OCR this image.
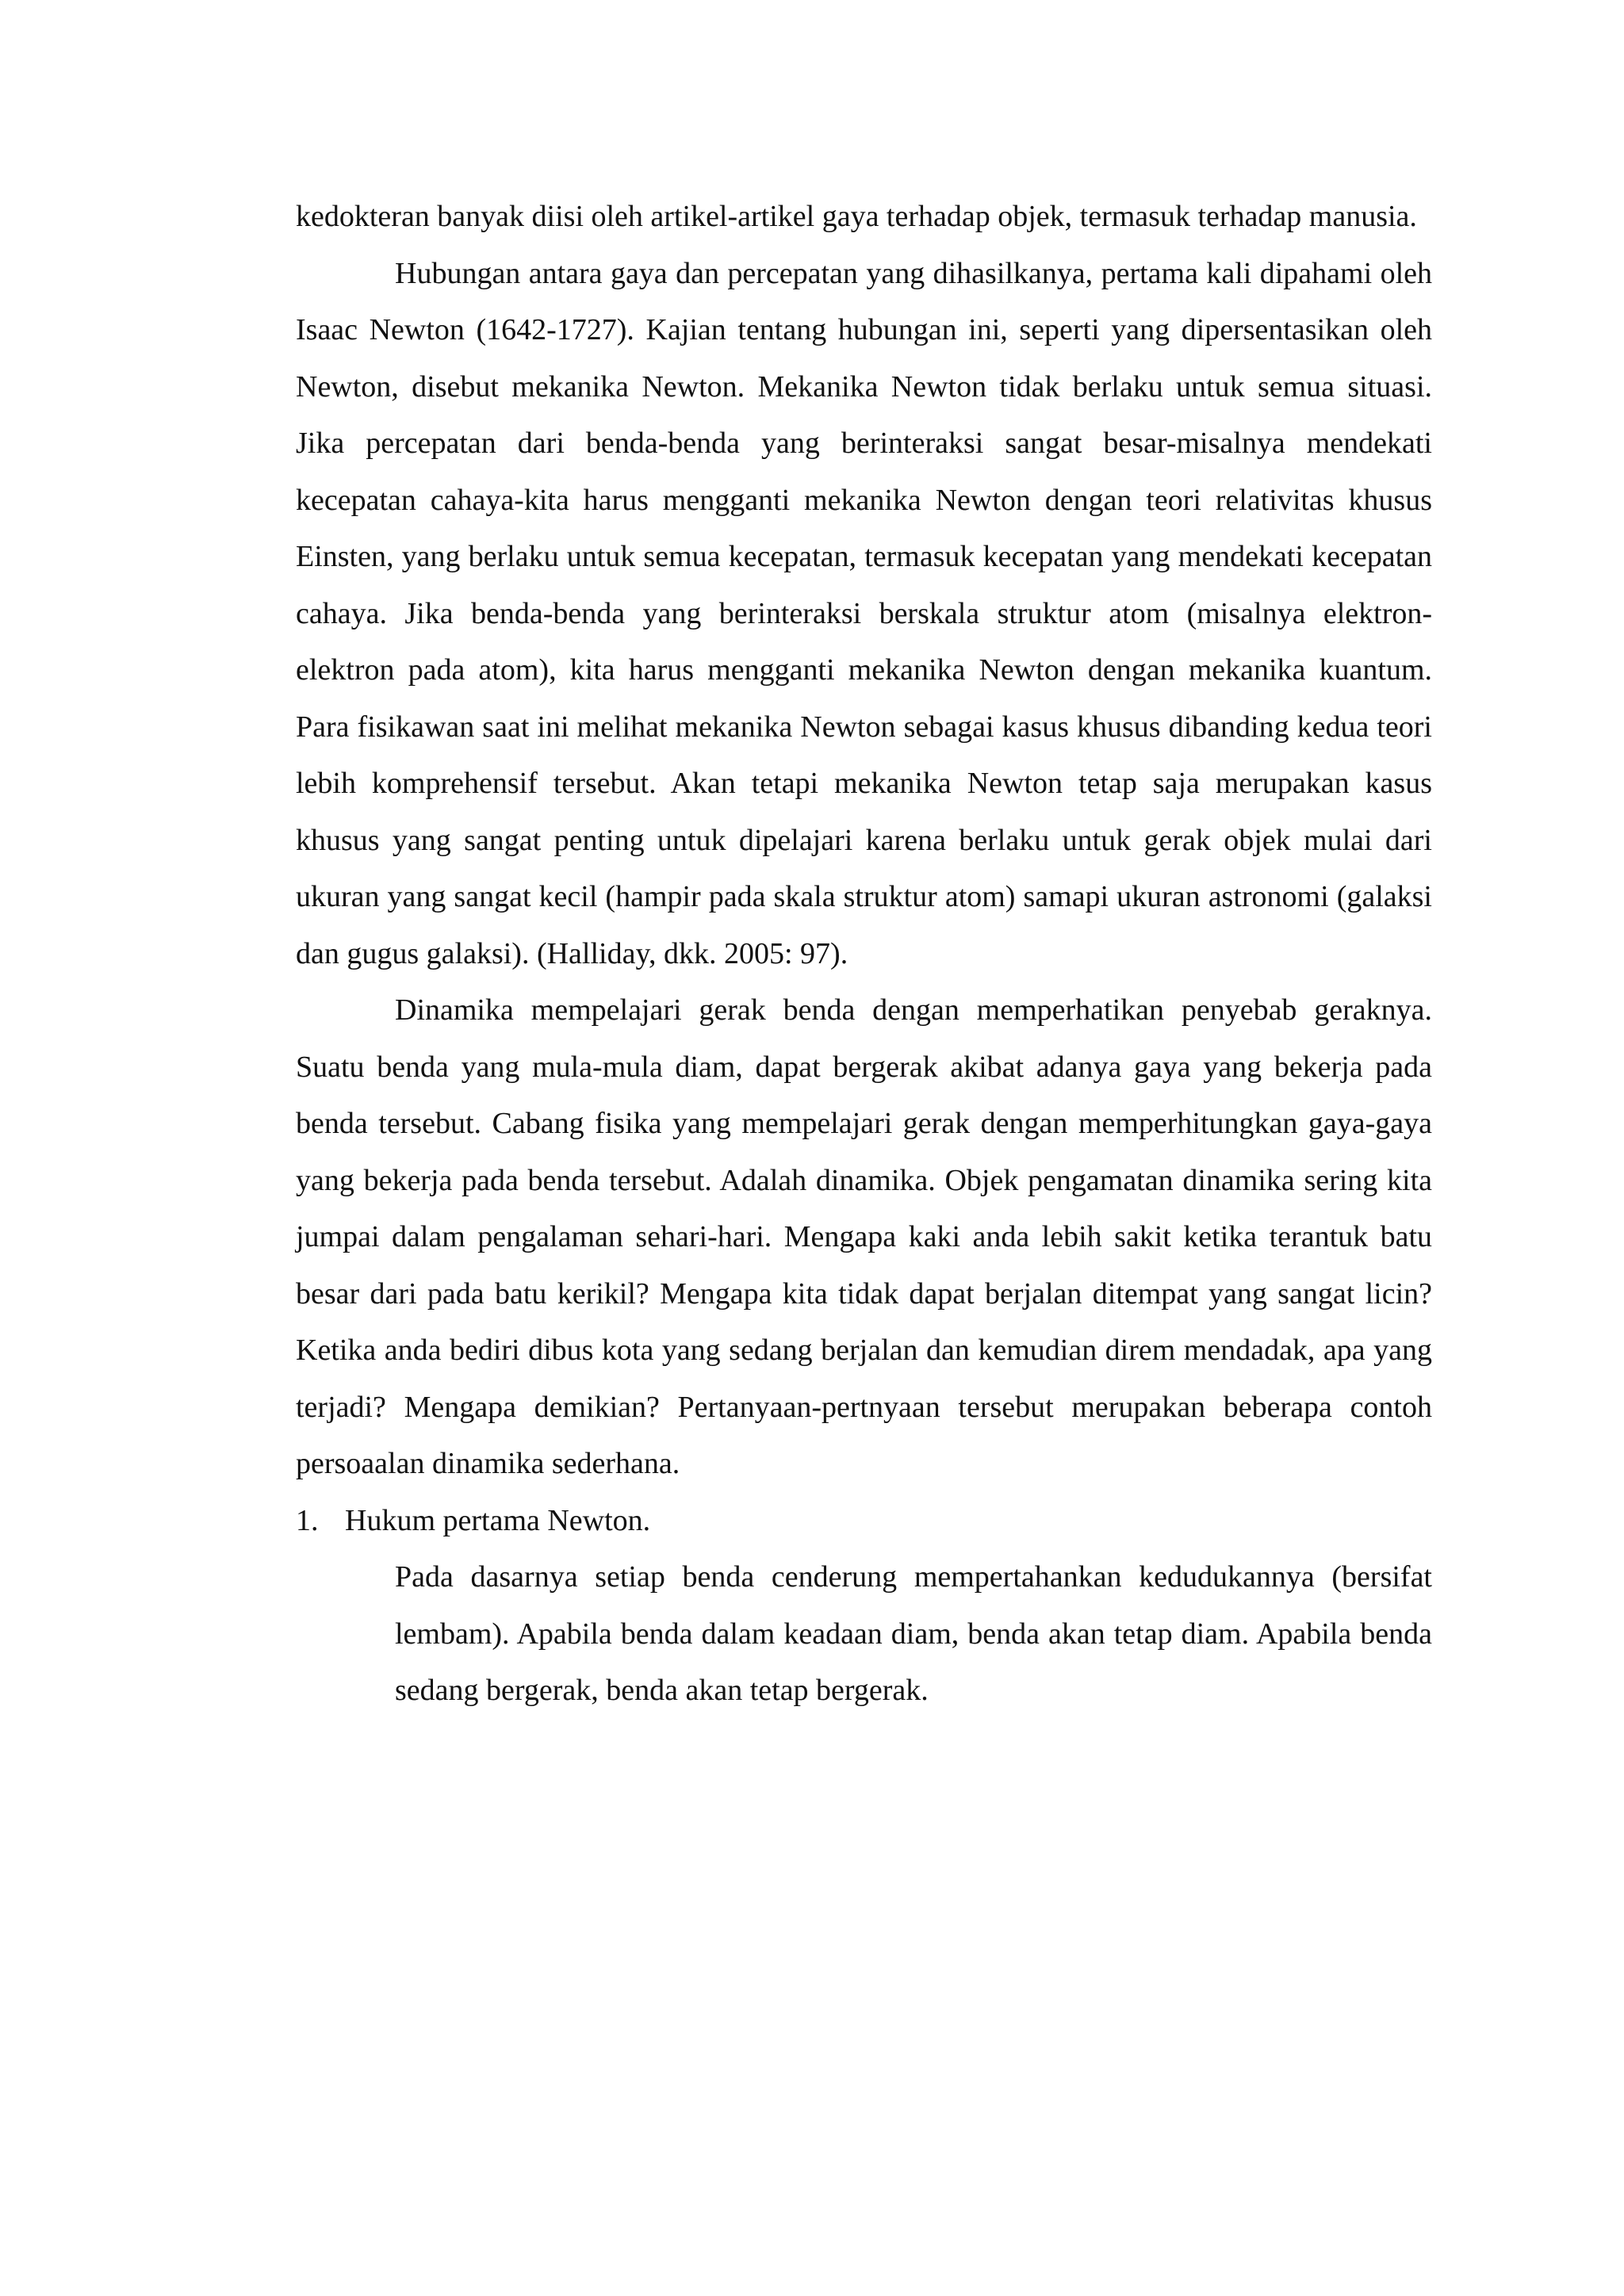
kedokteran banyak diisi oleh artikel-artikel gaya terhadap objek, termasuk terhadap manusia.

Hubungan antara gaya dan percepatan yang dihasilkanya, pertama kali dipahami oleh Isaac Newton (1642-1727). Kajian tentang hubungan ini, seperti yang dipersentasikan oleh Newton, disebut mekanika Newton. Mekanika Newton tidak berlaku untuk semua situasi. Jika percepatan dari benda-benda yang berinteraksi sangat besar-misalnya mendekati kecepatan cahaya-kita harus mengganti mekanika Newton dengan teori relativitas khusus Einsten, yang berlaku untuk semua kecepatan, termasuk kecepatan yang mendekati kecepatan cahaya. Jika benda-benda yang berinteraksi berskala struktur atom (misalnya elektron-elektron pada atom), kita harus mengganti mekanika Newton dengan mekanika kuantum. Para fisikawan saat ini melihat mekanika Newton sebagai kasus khusus dibanding kedua teori lebih komprehensif tersebut. Akan tetapi mekanika Newton tetap saja merupakan kasus khusus yang sangat penting untuk dipelajari karena berlaku untuk gerak objek mulai dari ukuran yang sangat kecil (hampir pada skala struktur atom) samapi ukuran astronomi (galaksi dan gugus galaksi). (Halliday, dkk. 2005: 97).

Dinamika mempelajari gerak benda dengan memperhatikan penyebab geraknya. Suatu benda yang mula-mula diam, dapat bergerak akibat adanya gaya yang bekerja pada benda tersebut. Cabang fisika yang mempelajari gerak dengan memperhitungkan gaya-gaya yang bekerja pada benda tersebut. Adalah dinamika. Objek pengamatan dinamika sering kita jumpai dalam pengalaman sehari-hari. Mengapa kaki anda lebih sakit ketika terantuk batu besar dari pada batu kerikil? Mengapa kita tidak dapat berjalan ditempat yang sangat licin? Ketika anda bediri dibus kota yang sedang berjalan dan kemudian direm mendadak, apa yang terjadi? Mengapa demikian? Pertanyaan-pertnyaan tersebut merupakan beberapa contoh persoaalan dinamika sederhana.

1. Hukum pertama Newton.

Pada dasarnya setiap benda cenderung mempertahankan kedudukannya (bersifat lembam). Apabila benda dalam keadaan diam, benda akan tetap diam. Apabila benda sedang bergerak, benda akan tetap bergerak.
